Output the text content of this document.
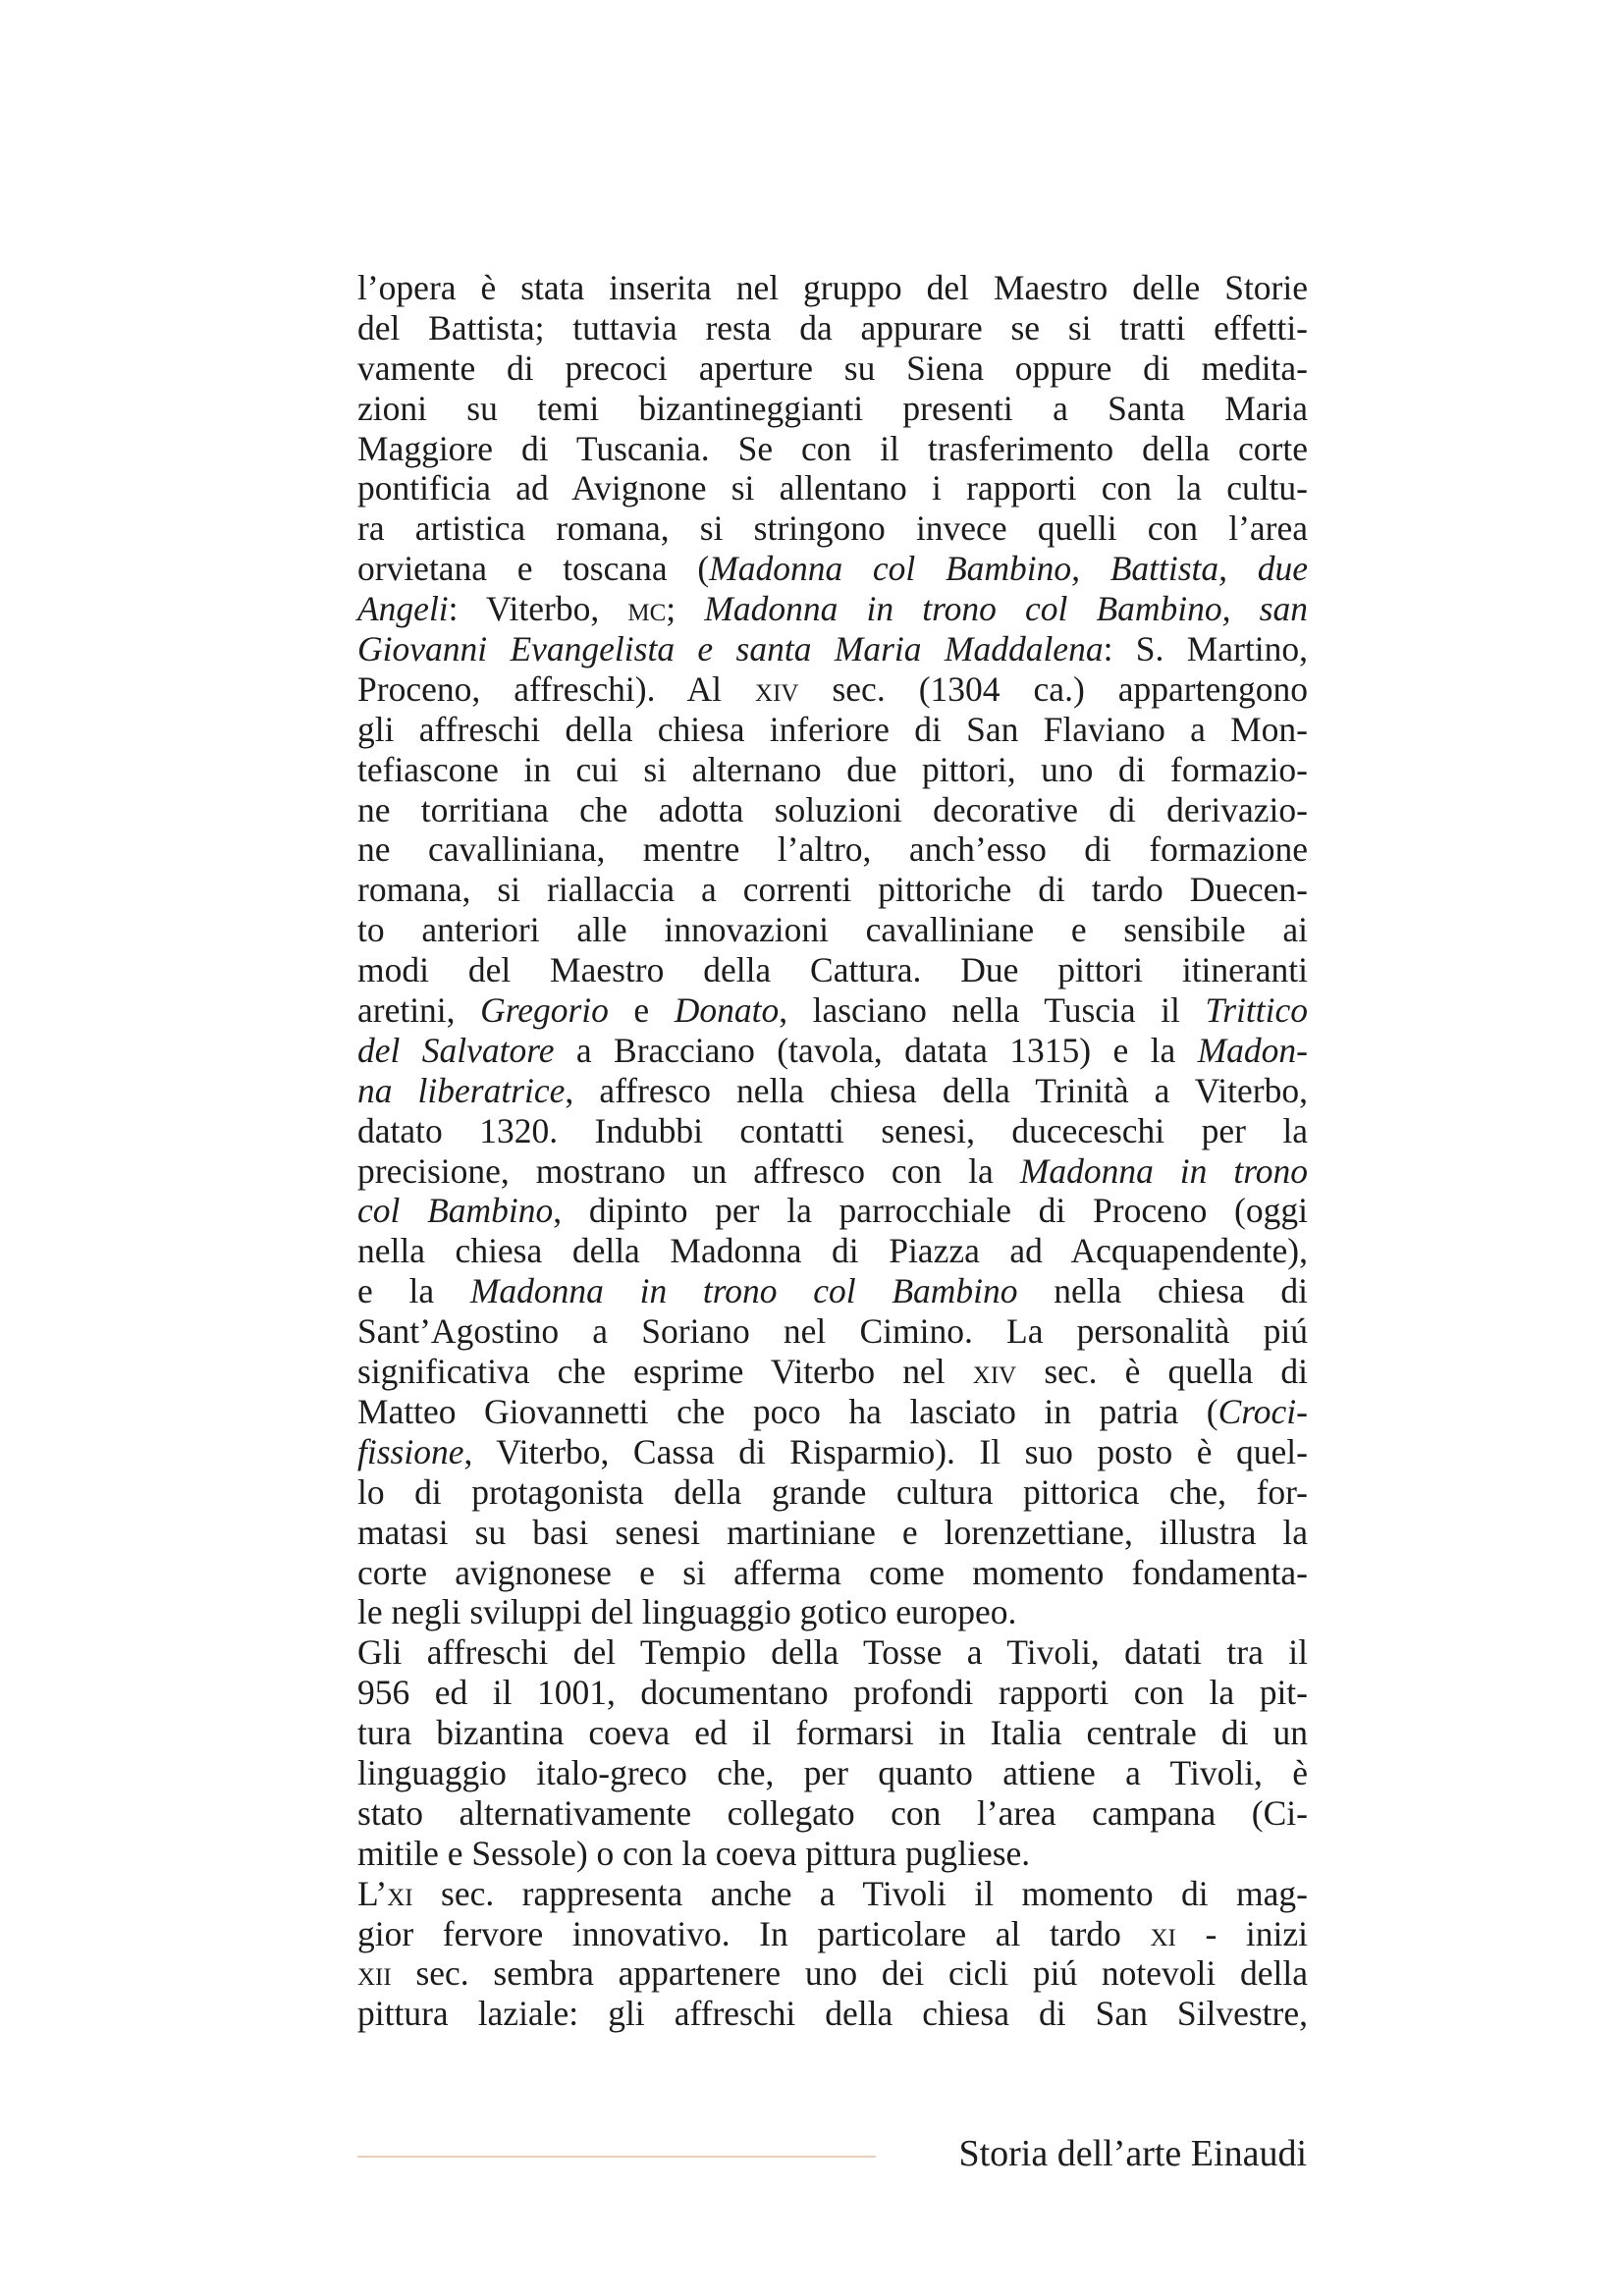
l’opera è stata inserita nel gruppo del Maestro delle Storie
del Battista; tuttavia resta da appurare se si tratti effetti-
vamente di precoci aperture su Siena oppure di medita-
zioni su temi bizantineggianti presenti a Santa Maria
Maggiore di Tuscania. Se con il trasferimento della corte
pontificia ad Avignone si allentano i rapporti con la cultu-
ra artistica romana, si stringono invece quelli con l’area
orvietana e toscana (Madonna col Bambino, Battista, due
Angeli: Viterbo, mc; Madonna in trono col Bambino, san
Giovanni Evangelista e santa Maria Maddalena: S. Martino,
Proceno, affreschi). Al xiv sec. (1304 ca.) appartengono
gli affreschi della chiesa inferiore di San Flaviano a Mon-
tefiascone in cui si alternano due pittori, uno di formazio-
ne torritiana che adotta soluzioni decorative di derivazio-
ne cavalliniana, mentre l’altro, anch’esso di formazione
romana, si riallaccia a correnti pittoriche di tardo Duecen-
to anteriori alle innovazioni cavalliniane e sensibile ai
modi del Maestro della Cattura. Due pittori itineranti
aretini, Gregorio e Donato, lasciano nella Tuscia il Trittico
del Salvatore a Bracciano (tavola, datata 1315) e la Madon-
na liberatrice, affresco nella chiesa della Trinità a Viterbo,
datato 1320. Indubbi contatti senesi, duceceschi per la
precisione, mostrano un affresco con la Madonna in trono
col Bambino, dipinto per la parrocchiale di Proceno (oggi
nella chiesa della Madonna di Piazza ad Acquapendente),
e la Madonna in trono col Bambino nella chiesa di
Sant’Agostino a Soriano nel Cimino. La personalità piú
significativa che esprime Viterbo nel xiv sec. è quella di
Matteo Giovannetti che poco ha lasciato in patria (Croci-
fissione, Viterbo, Cassa di Risparmio). Il suo posto è quel-
lo di protagonista della grande cultura pittorica che, for-
matasi su basi senesi martiniane e lorenzettiane, illustra la
corte avignonese e si afferma come momento fondamenta-
le negli sviluppi del linguaggio gotico europeo.
Gli affreschi del Tempio della Tosse a Tivoli, datati tra il
956 ed il 1001, documentano profondi rapporti con la pit-
tura bizantina coeva ed il formarsi in Italia centrale di un
linguaggio italo-greco che, per quanto attiene a Tivoli, è
stato alternativamente collegato con l’area campana (Ci-
mitile e Sessole) o con la coeva pittura pugliese.
L’xi sec. rappresenta anche a Tivoli il momento di mag-
gior fervore innovativo. In particolare al tardo xi - inizi
xii sec. sembra appartenere uno dei cicli piú notevoli della
pittura laziale: gli affreschi della chiesa di San Silvestre,
Storia dell’arte Einaudi
